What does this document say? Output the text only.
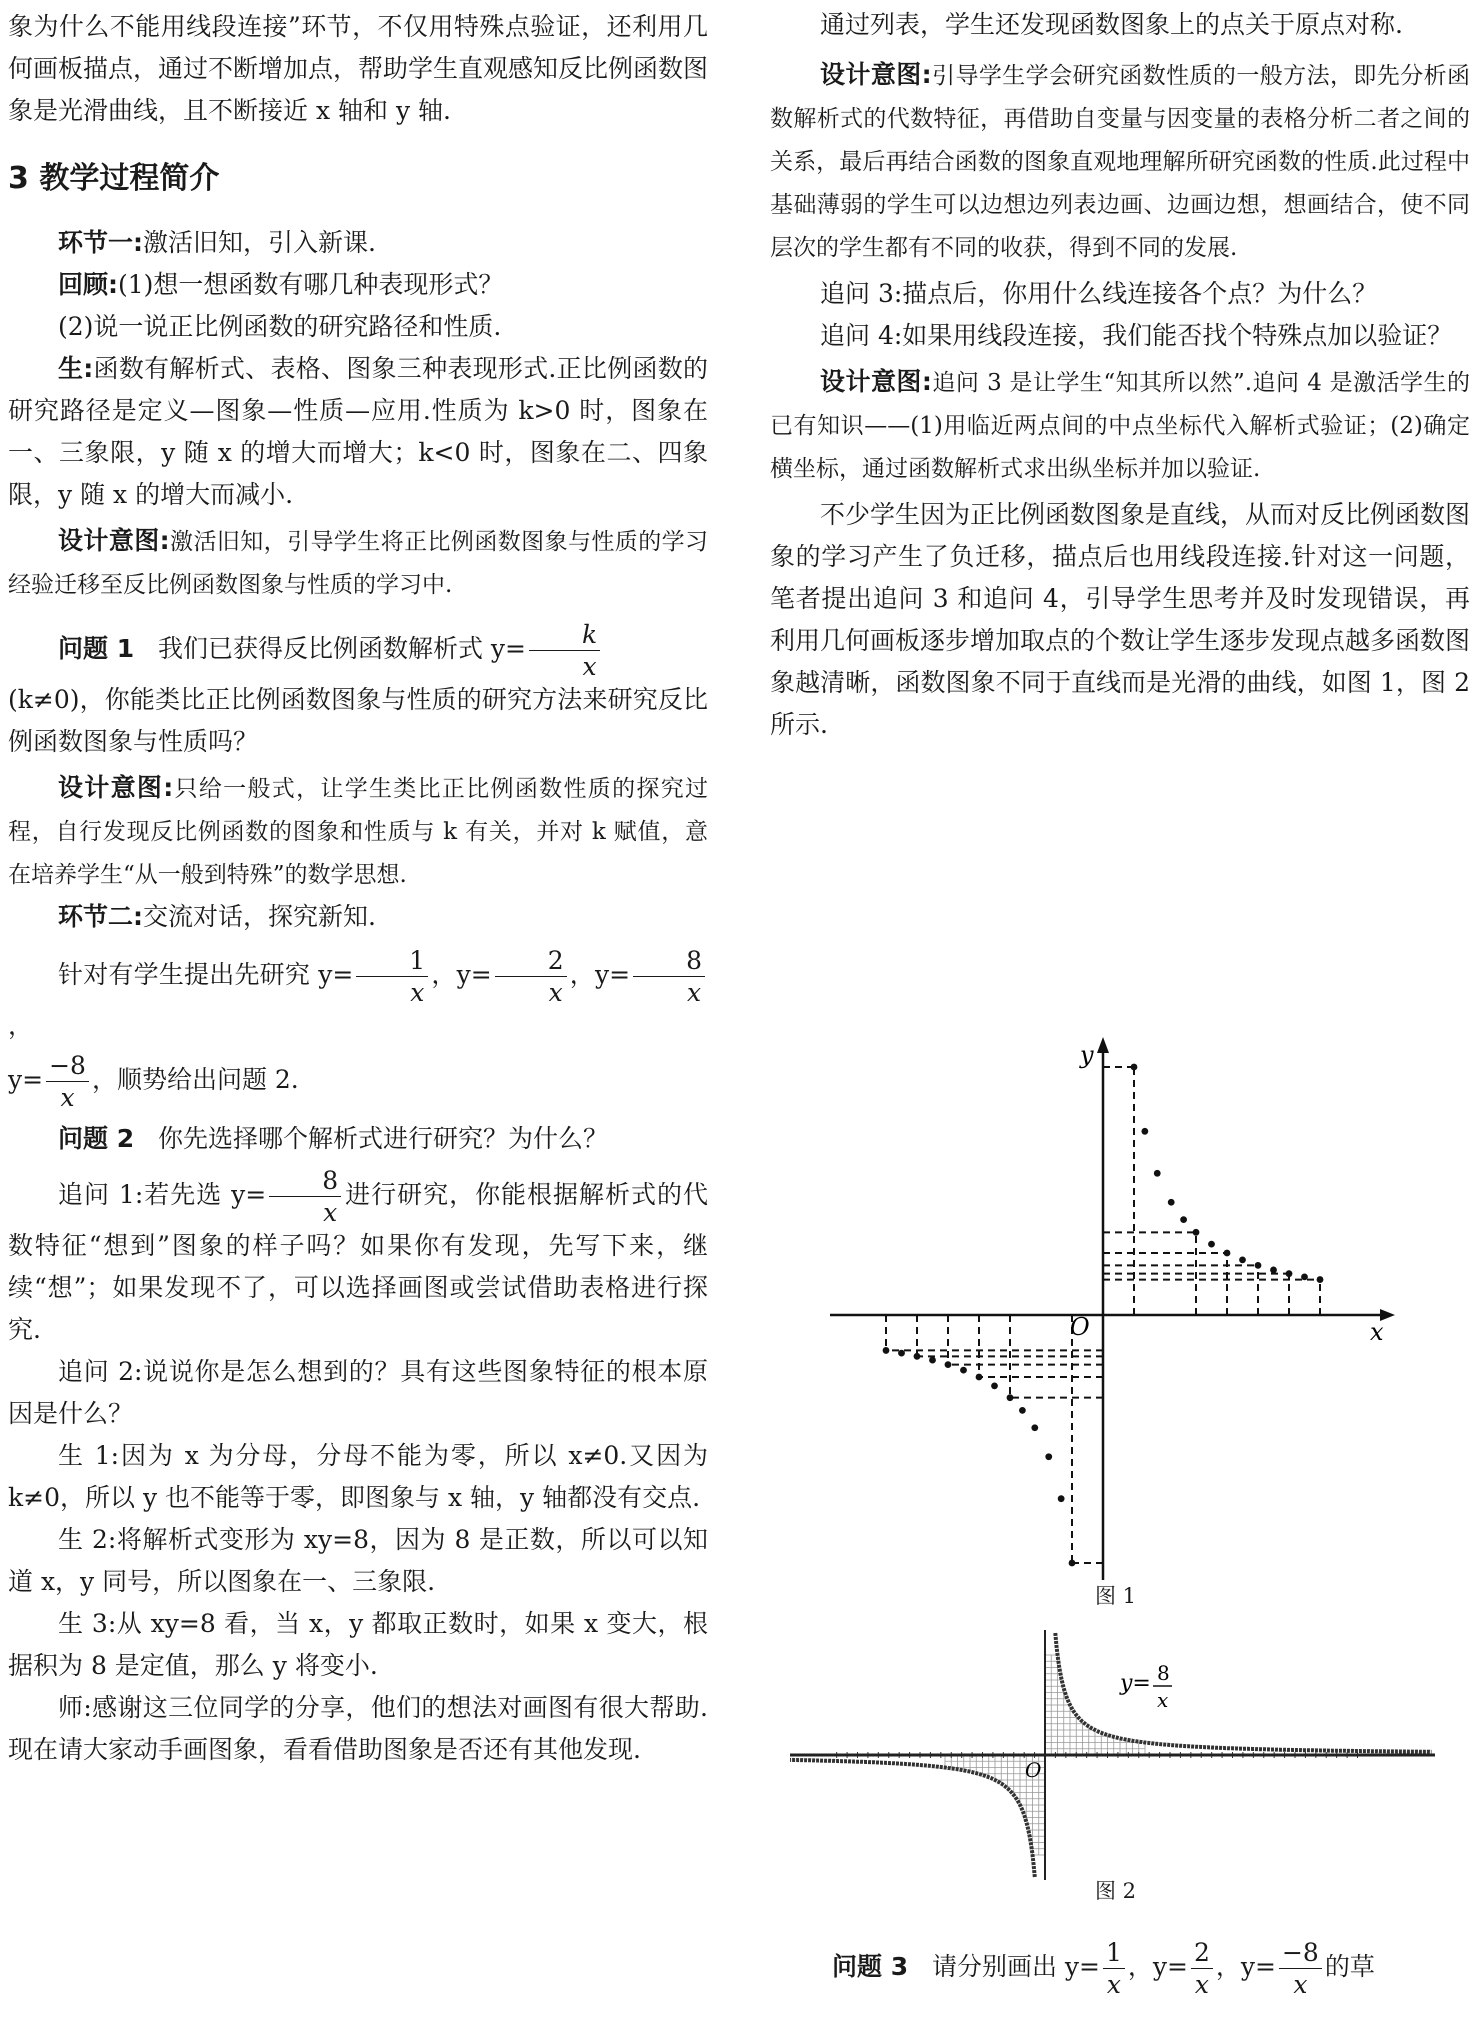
象为什么不能用线段连接”环节，不仅用特殊点验证，还利用几何画板描点，通过不断增加点，帮助学生直观感知反比例函数图象是光滑曲线，且不断接近 x 轴和 y 轴.

3 教学过程简介

环节一:激活旧知，引入新课.

回顾:(1)想一想函数有哪几种表现形式？

(2)说一说正比例函数的研究路径和性质.

生:函数有解析式、表格、图象三种表现形式.正比例函数的研究路径是定义—图象—性质—应用.性质为 k>0 时，图象在一、三象限，y 随 x 的增大而增大；k<0 时，图象在二、四象限，y 随 x 的增大而减小.

设计意图:激活旧知，引导学生将正比例函数图象与性质的学习经验迁移至反比例函数图象与性质的学习中.

问题 1 我们已获得反比例函数解析式 $y= \frac{k}{x}$

(k≠0)，你能类比正比例函数图象与性质的研究方法来研究反比例函数图象与性质吗？

设计意图:只给一般式，让学生类比正比例函数性质的探究过程，自行发现反比例函数的图象和性质与 k 有关，并对 k 赋值，意在培养学生“从一般到特殊”的数学思想.

环节二:交流对话，探究新知.

针对有学生提出先研究 $y= \frac{1}{x}$ ，$y= \frac{2}{x}$ ，$y= \frac{8}{x}$
，

$y= \frac{-8}{x}$ ，顺势给出问题 2.

问题 2 你先选择哪个解析式进行研究？为什么？

追问 1:若先选 $y= \frac{8}{x}$ 进行研究，你能根据解析式的代数特征“想到”图象的样子吗？如果你有发现，先写下来，继续“想”；如果发现不了，可以选择画图或尝试借助表格进行探究.

追问 2:说说你是怎么想到的？具有这些图象特征的根本原因是什么？

生 1:因为 x 为分母，分母不能为零，所以 x≠0.又因为 k≠0，所以 y 也不能等于零，即图象与 x 轴，y 轴都没有交点.

生 2:将解析式变形为 xy=8，因为 8 是正数，所以可以知道 x，y 同号，所以图象在一、三象限.

生 3:从 xy=8 看，当 x，y 都取正数时，如果 x 变大，根据积为 8 是定值，那么 y 将变小.

师:感谢这三位同学的分享，他们的想法对画图有很大帮助.现在请大家动手画图象，看看借助图象是否还有其他发现.

通过列表，学生还发现函数图象上的点关于原点对称.

设计意图:引导学生学会研究函数性质的一般方法，即先分析函数解析式的代数特征，再借助自变量与因变量的表格分析二者之间的关系，最后再结合函数的图象直观地理解所研究函数的性质.此过程中基础薄弱的学生可以边想边列表边画、边画边想，想画结合，使不同层次的学生都有不同的收获，得到不同的发展.

追问 3:描点后，你用什么线连接各个点？为什么？

追问 4:如果用线段连接，我们能否找个特殊点加以验证？

设计意图:追问 3 是让学生“知其所以然”.追问 4 是激活学生的已有知识——(1)用临近两点间的中点坐标代入解析式验证；(2)确定横坐标，通过函数解析式求出纵坐标并加以验证.

不少学生因为正比例函数图象是直线，从而对反比例函数图象的学习产生了负迁移，描点后也用线段连接.针对这一问题，笔者提出追问 3 和追问 4，引导学生思考并及时发现错误，再利用几何画板逐步增加取点的个数让学生逐步发现点越多函数图象越清晰，函数图象不同于直线而是光滑的曲线，如图 1，图 2 所示.

y
x
O
图 1
O
y= 8
x
图 2

问题 3 请分别画出 $y= \frac{1}{x}$ ，$y= \frac{2}{x}$ ，$y= \frac{-8}{x}$ 的草
